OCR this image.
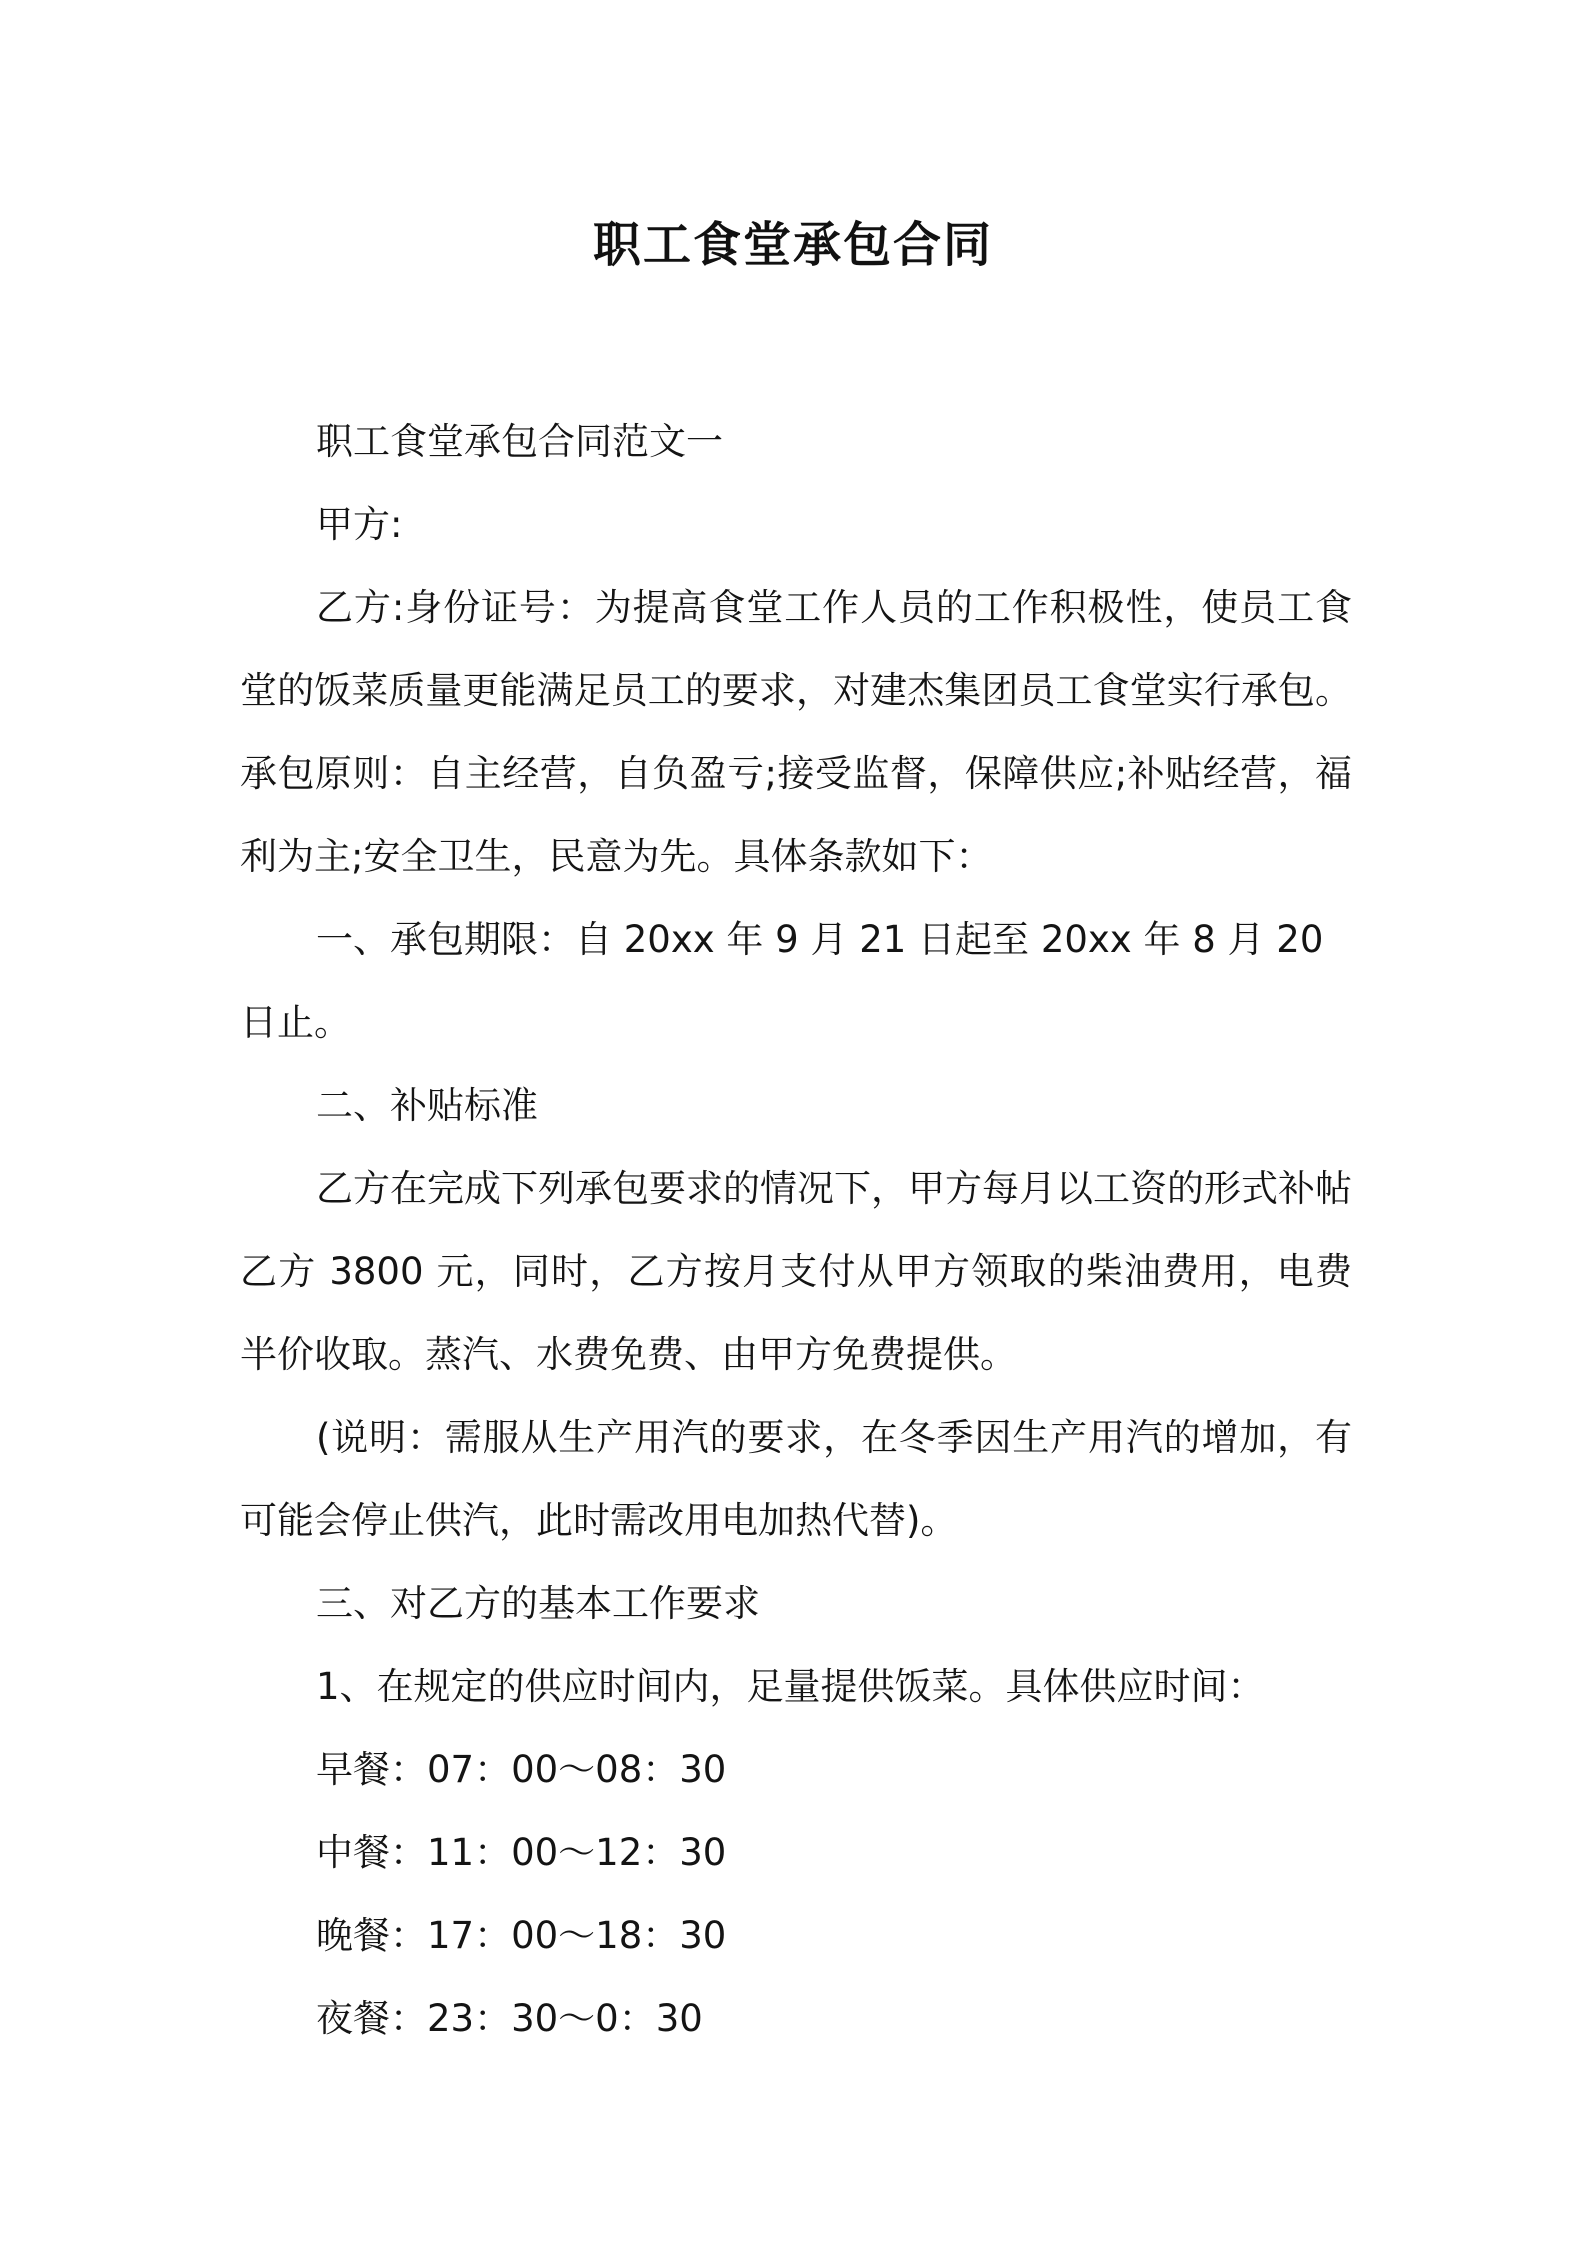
职工食堂承包合同

职工食堂承包合同范文一

甲方:

乙方:身份证号：为提高食堂工作人员的工作积极性，使员工食堂的饭菜质量更能满足员工的要求，对建杰集团员工食堂实行承包。承包原则：自主经营，自负盈亏;接受监督，保障供应;补贴经营，福利为主;安全卫生，民意为先。具体条款如下：

一、承包期限：自 20xx 年 9 月 21 日起至 20xx 年 8 月 20 日止。

二、补贴标准

乙方在完成下列承包要求的情况下，甲方每月以工资的形式补帖乙方 3800 元，同时，乙方按月支付从甲方领取的柴油费用，电费半价收取。蒸汽、水费免费、由甲方免费提供。

(说明：需服从生产用汽的要求，在冬季因生产用汽的增加，有可能会停止供汽，此时需改用电加热代替)。

三、对乙方的基本工作要求

1、在规定的供应时间内，足量提供饭菜。具体供应时间：

早餐：07：00～08：30

中餐：11：00～12：30

晚餐：17：00～18：30

夜餐：23：30～0：30
